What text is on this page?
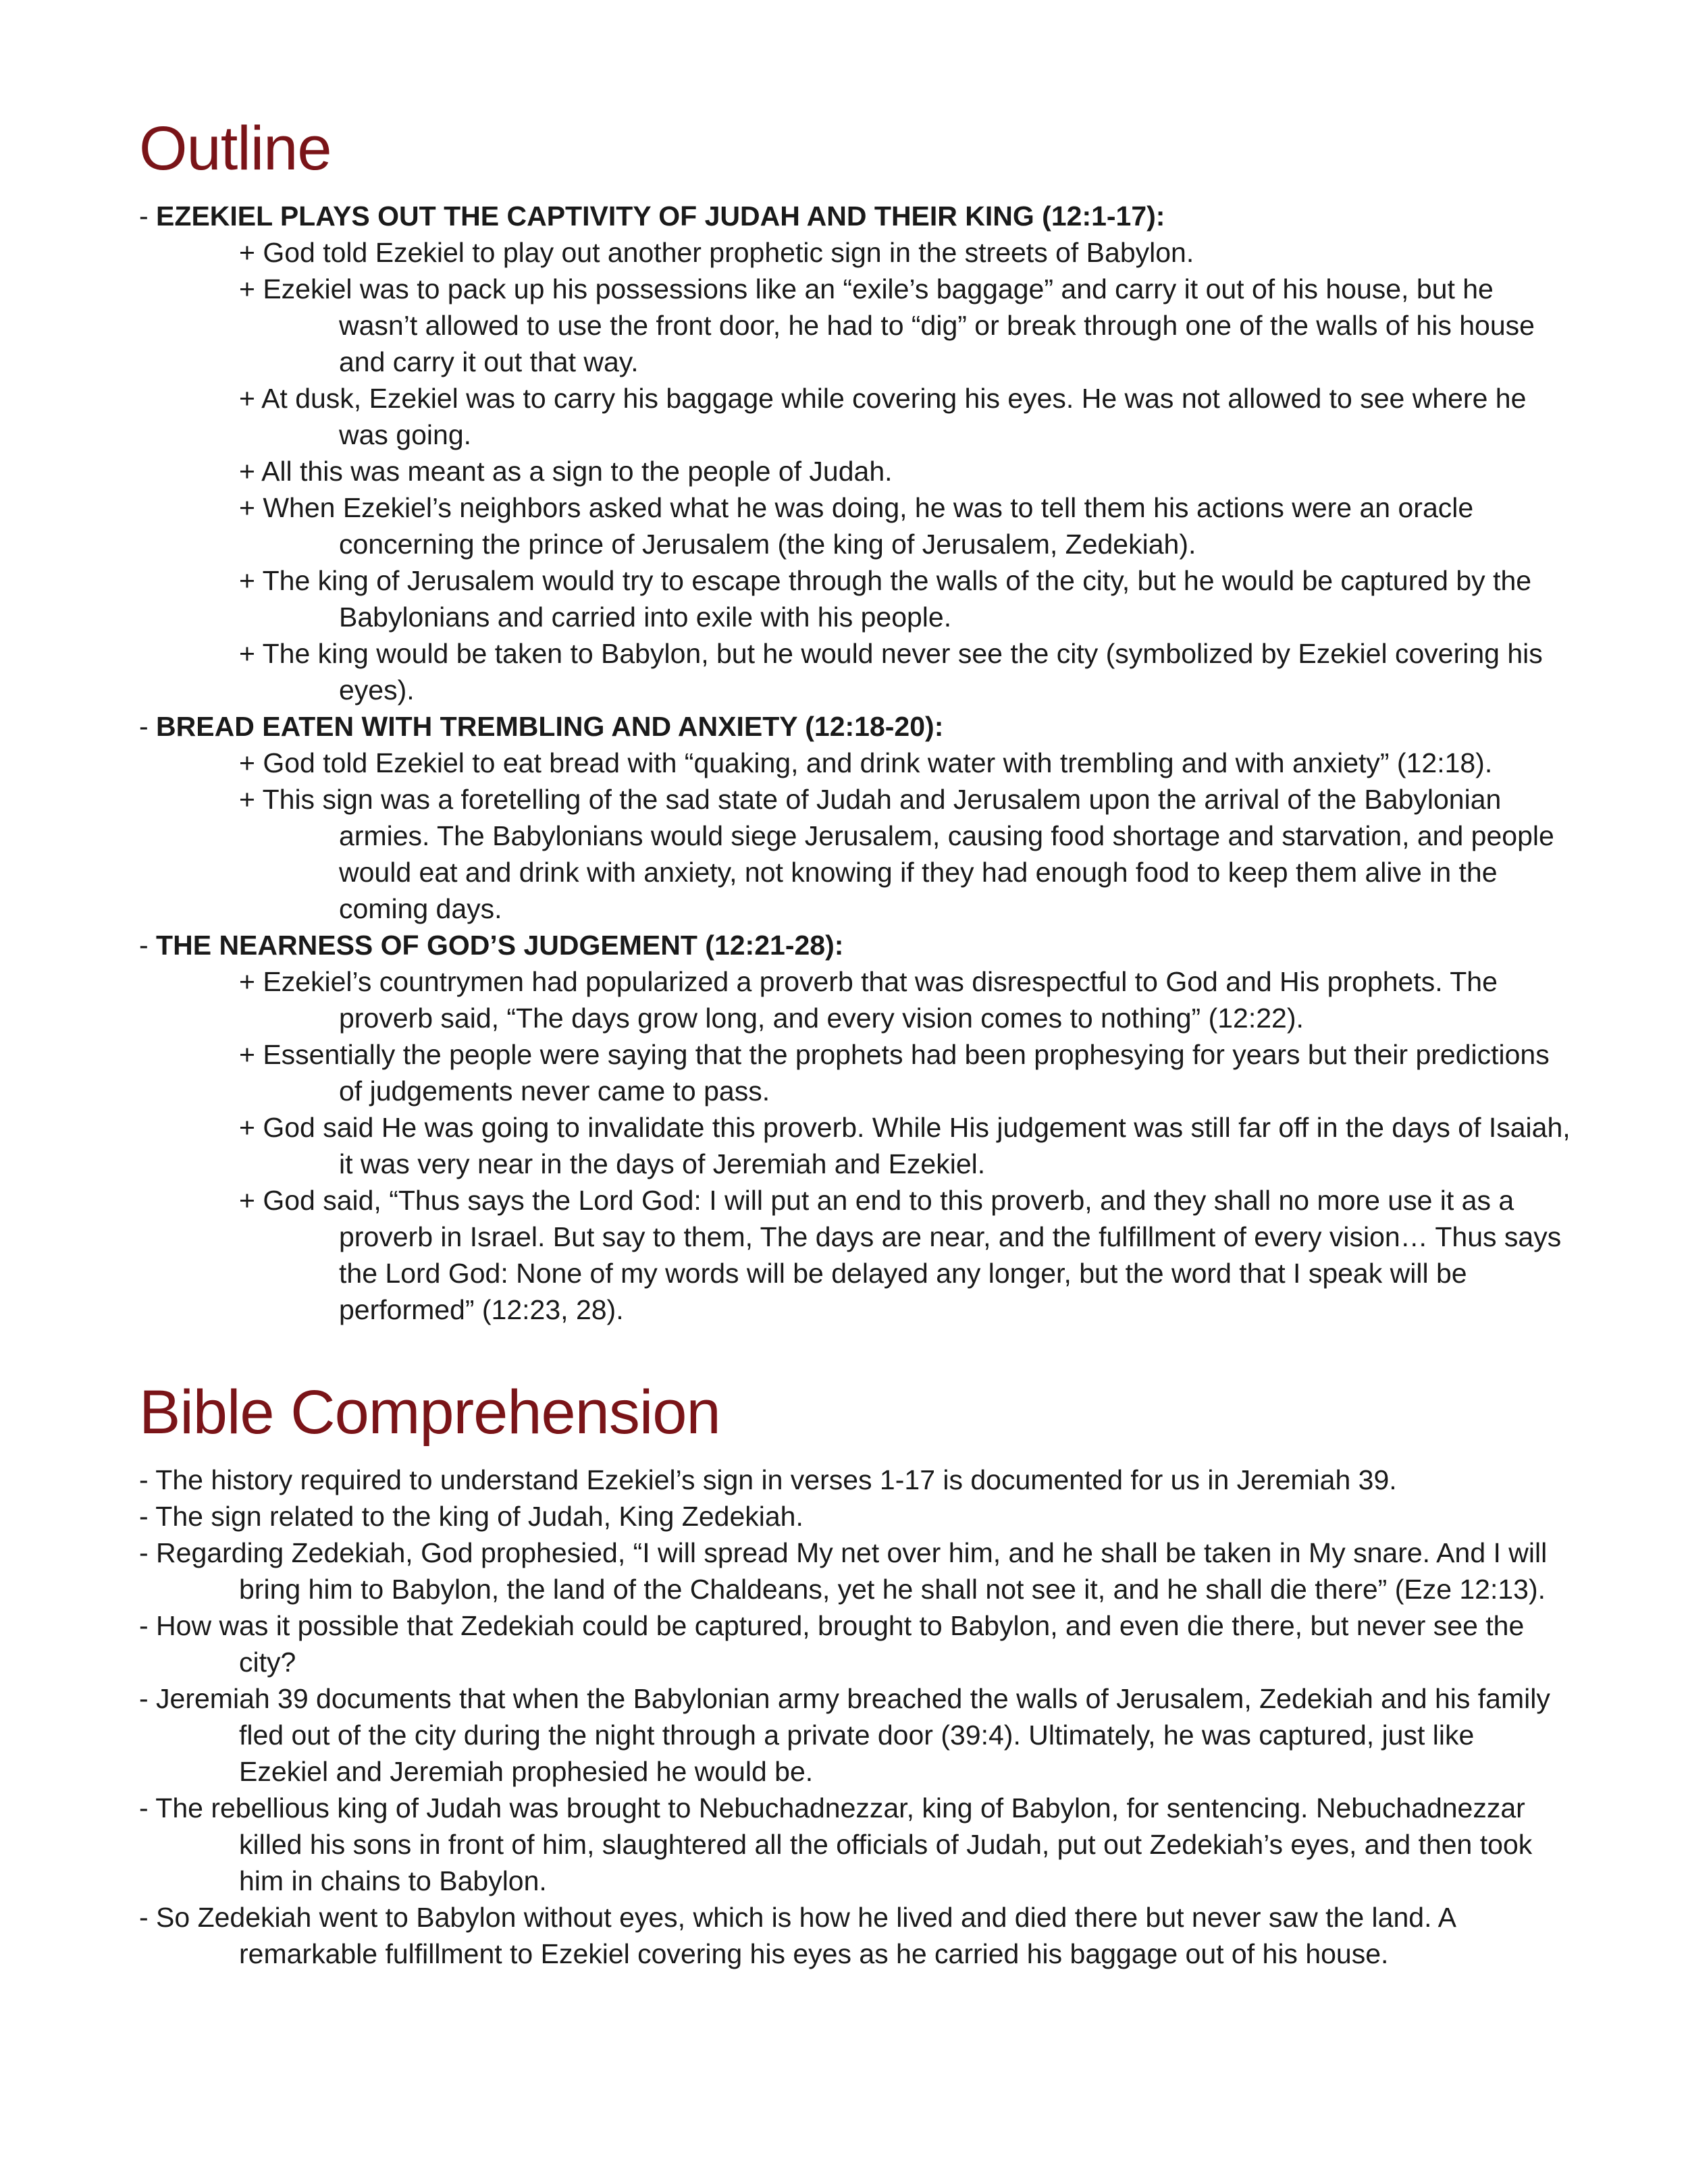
Outline

- EZEKIEL PLAYS OUT THE CAPTIVITY OF JUDAH AND THEIR KING (12:1-17):

+ God told Ezekiel to play out another prophetic sign in the streets of Babylon.

+ Ezekiel was to pack up his possessions like an “exile’s baggage” and carry it out of his house, but he wasn’t allowed to use the front door, he had to “dig” or break through one of the walls of his house and carry it out that way.

+ At dusk, Ezekiel was to carry his baggage while covering his eyes. He was not allowed to see where he was going.

+ All this was meant as a sign to the people of Judah.

+ When Ezekiel’s neighbors asked what he was doing, he was to tell them his actions were an oracle concerning the prince of Jerusalem (the king of Jerusalem, Zedekiah).

+ The king of Jerusalem would try to escape through the walls of the city, but he would be captured by the Babylonians and carried into exile with his people.

+ The king would be taken to Babylon, but he would never see the city (symbolized by Ezekiel covering his eyes).

- BREAD EATEN WITH TREMBLING AND ANXIETY (12:18-20):

+ God told Ezekiel to eat bread with “quaking, and drink water with trembling and with anxiety” (12:18).

+ This sign was a foretelling of the sad state of Judah and Jerusalem upon the arrival of the Babylonian armies. The Babylonians would siege Jerusalem, causing food shortage and starvation, and people would eat and drink with anxiety, not knowing if they had enough food to keep them alive in the coming days.

- THE NEARNESS OF GOD’S JUDGEMENT (12:21-28):

+ Ezekiel’s countrymen had popularized a proverb that was disrespectful to God and His prophets. The proverb said, “The days grow long, and every vision comes to nothing” (12:22).

+ Essentially the people were saying that the prophets had been prophesying for years but their predictions of judgements never came to pass.

+ God said He was going to invalidate this proverb. While His judgement was still far off in the days of Isaiah, it was very near in the days of Jeremiah and Ezekiel.

+ God said, “Thus says the Lord God: I will put an end to this proverb, and they shall no more use it as a proverb in Israel. But say to them, The days are near, and the fulfillment of every vision… Thus says the Lord God: None of my words will be delayed any longer, but the word that I speak will be performed” (12:23, 28).

Bible Comprehension

- The history required to understand Ezekiel’s sign in verses 1-17 is documented for us in Jeremiah 39.

- The sign related to the king of Judah, King Zedekiah.

- Regarding Zedekiah, God prophesied, “I will spread My net over him, and he shall be taken in My snare. And I will bring him to Babylon, the land of the Chaldeans, yet he shall not see it, and he shall die there” (Eze 12:13).

- How was it possible that Zedekiah could be captured, brought to Babylon, and even die there, but never see the city?

- Jeremiah 39 documents that when the Babylonian army breached the walls of Jerusalem, Zedekiah and his family fled out of the city during the night through a private door (39:4). Ultimately, he was captured, just like Ezekiel and Jeremiah prophesied he would be.

- The rebellious king of Judah was brought to Nebuchadnezzar, king of Babylon, for sentencing. Nebuchadnezzar killed his sons in front of him, slaughtered all the officials of Judah, put out Zedekiah’s eyes, and then took him in chains to Babylon.

- So Zedekiah went to Babylon without eyes, which is how he lived and died there but never saw the land. A remarkable fulfillment to Ezekiel covering his eyes as he carried his baggage out of his house.
